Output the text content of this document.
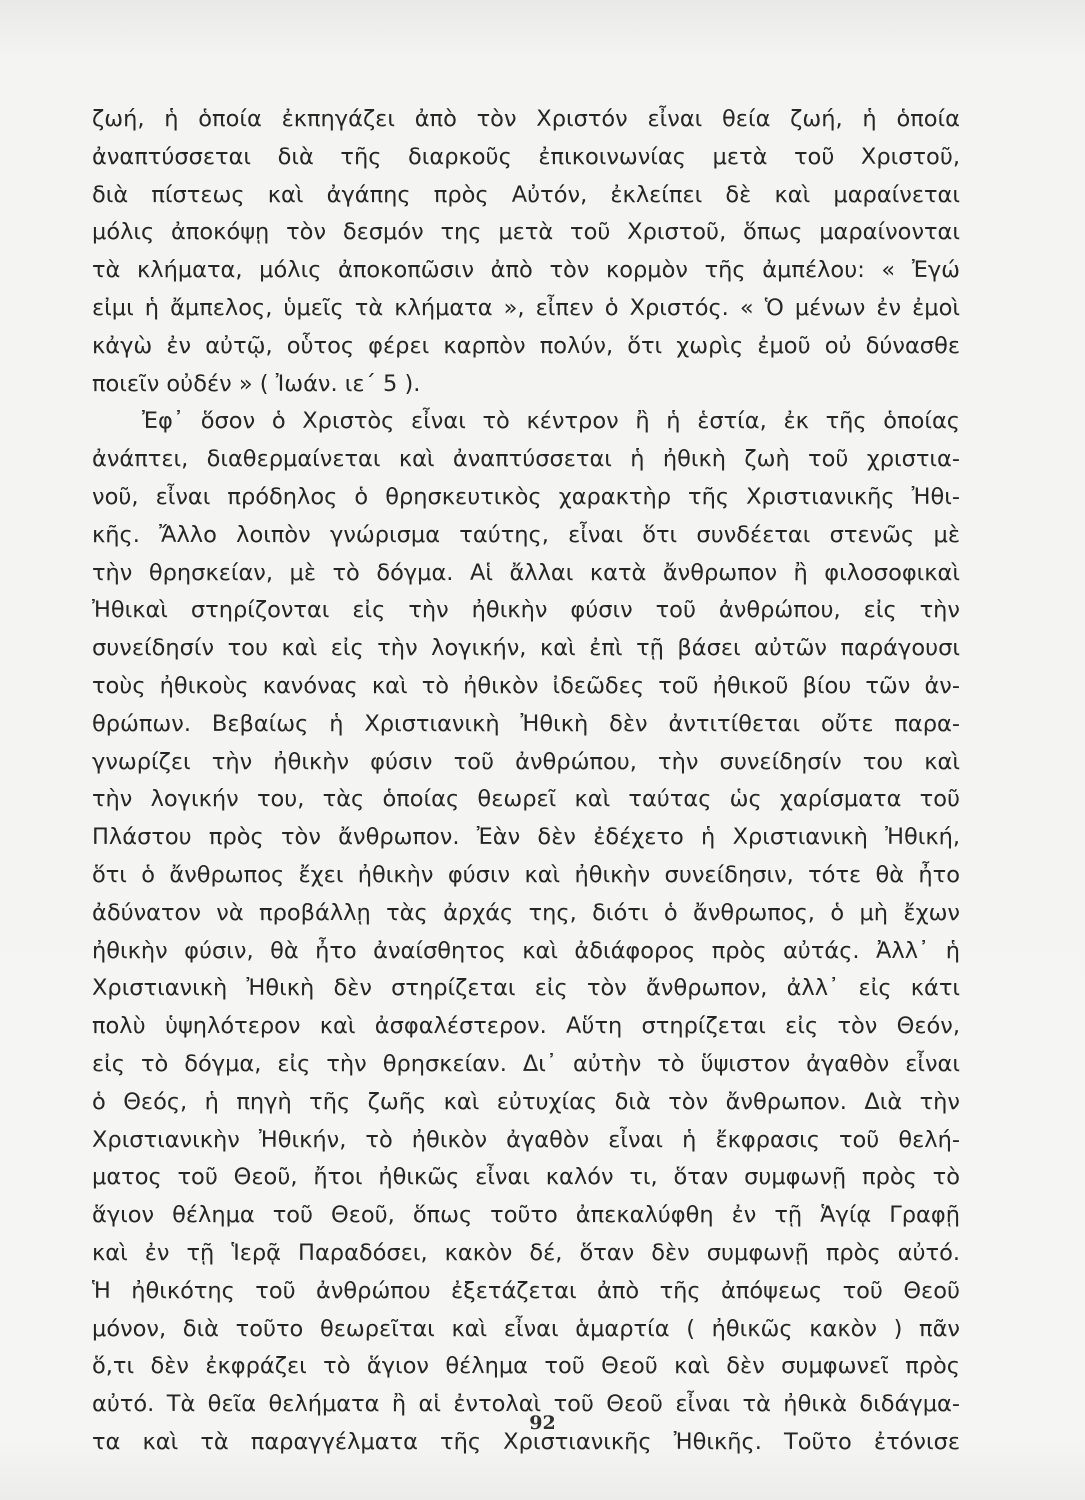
ζωή, ἡ ὁποία ἐκπηγάζει ἀπὸ τὸν Χριστόν εἶναι θεία ζωή, ἡ ὁποία
ἀναπτύσσεται διὰ τῆς διαρκοῦς ἐπικοινωνίας μετὰ τοῦ Χριστοῦ,
διὰ πίστεως καὶ ἀγάπης πρὸς Αὐτόν, ἐκλείπει δὲ καὶ μαραίνεται
μόλις ἀποκόψῃ τὸν δεσμόν της μετὰ τοῦ Χριστοῦ, ὅπως μαραίνονται
τὰ κλήματα, μόλις ἀποκοπῶσιν ἀπὸ τὸν κορμὸν τῆς ἀμπέλου: « Ἐγώ
εἰμι ἡ ἄμπελος, ὑμεῖς τὰ κλήματα », εἶπεν ὁ Χριστός. « Ὁ μένων ἐν ἐμοὶ
κἀγὼ ἐν αὐτῷ, οὗτος φέρει καρπὸν πολύν, ὅτι χωρὶς ἐμοῦ οὐ δύνασθε
ποιεῖν οὐδέν » ( Ἰωάν. ιε΄ 5 ).
Ἐφ᾽ ὅσον ὁ Χριστὸς εἶναι τὸ κέντρον ἢ ἡ ἑστία, ἐκ τῆς ὁποίας
ἀνάπτει, διαθερμαίνεται καὶ ἀναπτύσσεται ἡ ἠθικὴ ζωὴ τοῦ χριστια-
νοῦ, εἶναι πρόδηλος ὁ θρησκευτικὸς χαρακτὴρ τῆς Χριστιανικῆς Ἠθι-
κῆς. Ἄλλο λοιπὸν γνώρισμα ταύτης, εἶναι ὅτι συνδέεται στενῶς μὲ
τὴν θρησκείαν, μὲ τὸ δόγμα. Αἱ ἄλλαι κατὰ ἄνθρωπον ἢ φιλοσοφικαὶ
Ἠθικαὶ στηρίζονται εἰς τὴν ἠθικὴν φύσιν τοῦ ἀνθρώπου, εἰς τὴν
συνείδησίν του καὶ εἰς τὴν λογικήν, καὶ ἐπὶ τῇ βάσει αὐτῶν παράγουσι
τοὺς ἠθικοὺς κανόνας καὶ τὸ ἠθικὸν ἰδεῶδες τοῦ ἠθικοῦ βίου τῶν ἀν-
θρώπων. Βεβαίως ἡ Χριστιανικὴ Ἠθικὴ δὲν ἀντιτίθεται οὔτε παρα-
γνωρίζει τὴν ἠθικὴν φύσιν τοῦ ἀνθρώπου, τὴν συνείδησίν του καὶ
τὴν λογικήν του, τὰς ὁποίας θεωρεῖ καὶ ταύτας ὡς χαρίσματα τοῦ
Πλάστου πρὸς τὸν ἄνθρωπον. Ἐὰν δὲν ἐδέχετο ἡ Χριστιανικὴ Ἠθική,
ὅτι ὁ ἄνθρωπος ἔχει ἠθικὴν φύσιν καὶ ἠθικὴν συνείδησιν, τότε θὰ ἦτο
ἀδύνατον νὰ προβάλλῃ τὰς ἀρχάς της, διότι ὁ ἄνθρωπος, ὁ μὴ ἔχων
ἠθικὴν φύσιν, θὰ ἦτο ἀναίσθητος καὶ ἀδιάφορος πρὸς αὐτάς. Ἀλλ᾽ ἡ
Χριστιανικὴ Ἠθικὴ δὲν στηρίζεται εἰς τὸν ἄνθρωπον, ἀλλ᾽ εἰς κάτι
πολὺ ὑψηλότερον καὶ ἀσφαλέστερον. Αὕτη στηρίζεται εἰς τὸν Θεόν,
εἰς τὸ δόγμα, εἰς τὴν θρησκείαν. Δι᾽ αὐτὴν τὸ ὕψιστον ἀγαθὸν εἶναι
ὁ Θεός, ἡ πηγὴ τῆς ζωῆς καὶ εὐτυχίας διὰ τὸν ἄνθρωπον. Διὰ τὴν
Χριστιανικὴν Ἠθικήν, τὸ ἠθικὸν ἀγαθὸν εἶναι ἡ ἔκφρασις τοῦ θελή-
ματος τοῦ Θεοῦ, ἤτοι ἠθικῶς εἶναι καλόν τι, ὅταν συμφωνῇ πρὸς τὸ
ἅγιον θέλημα τοῦ Θεοῦ, ὅπως τοῦτο ἀπεκαλύφθη ἐν τῇ Ἁγίᾳ Γραφῇ
καὶ ἐν τῇ Ἱερᾷ Παραδόσει, κακὸν δέ, ὅταν δὲν συμφωνῇ πρὸς αὐτό.
Ἡ ἠθικότης τοῦ ἀνθρώπου ἐξετάζεται ἀπὸ τῆς ἀπόψεως τοῦ Θεοῦ
μόνον, διὰ τοῦτο θεωρεῖται καὶ εἶναι ἁμαρτία ( ἠθικῶς κακὸν ) πᾶν
ὅ,τι δὲν ἐκφράζει τὸ ἅγιον θέλημα τοῦ Θεοῦ καὶ δὲν συμφωνεῖ πρὸς
αὐτό. Τὰ θεῖα θελήματα ἢ αἱ ἐντολαὶ τοῦ Θεοῦ εἶναι τὰ ἠθικὰ διδάγμα-
τα καὶ τὰ παραγγέλματα τῆς Χριστιανικῆς Ἠθικῆς. Τοῦτο ἐτόνισε
92
